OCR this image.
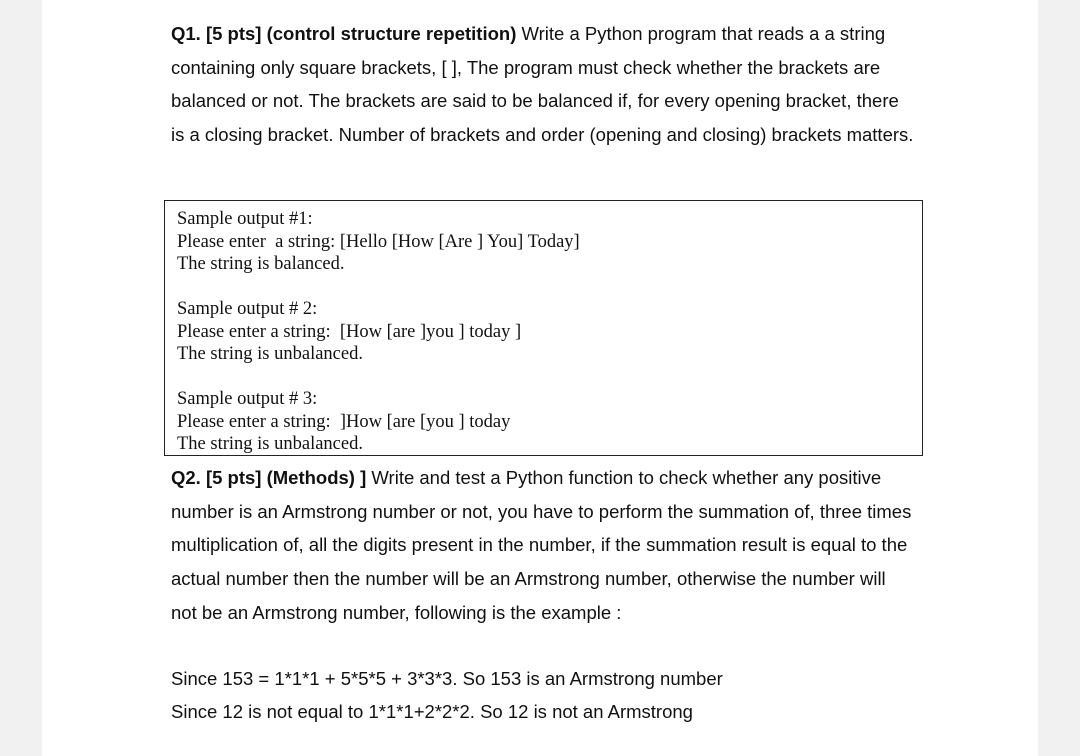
Q1. [5 pts] (control structure repetition) Write a Python program that reads a a string containing only square brackets, [ ], The program must check whether the brackets are balanced or not. The brackets are said to be balanced if, for every opening bracket, there is a closing bracket. Number of brackets and order (opening and closing) brackets matters.
Sample output #1:
Please enter  a string: [Hello [How [Are ] You] Today]
The string is balanced.
Sample output # 2:
Please enter a string:  [How [are ]you ] today ]
The string is unbalanced.
Sample output # 3:
Please enter a string:  ]How [are [you ] today
The string is unbalanced.
Q2. [5 pts] (Methods) ] Write and test a Python function to check whether any positive number is an Armstrong number or not, you have to perform the summation of, three times multiplication of, all the digits present in the number, if the summation result is equal to the actual number then the number will be an Armstrong number, otherwise the number will not be an Armstrong number, following is the example :
Since 153 = 1*1*1 + 5*5*5 + 3*3*3. So 153 is an Armstrong number
Since 12 is not equal to 1*1*1+2*2*2. So 12 is not an Armstrong
